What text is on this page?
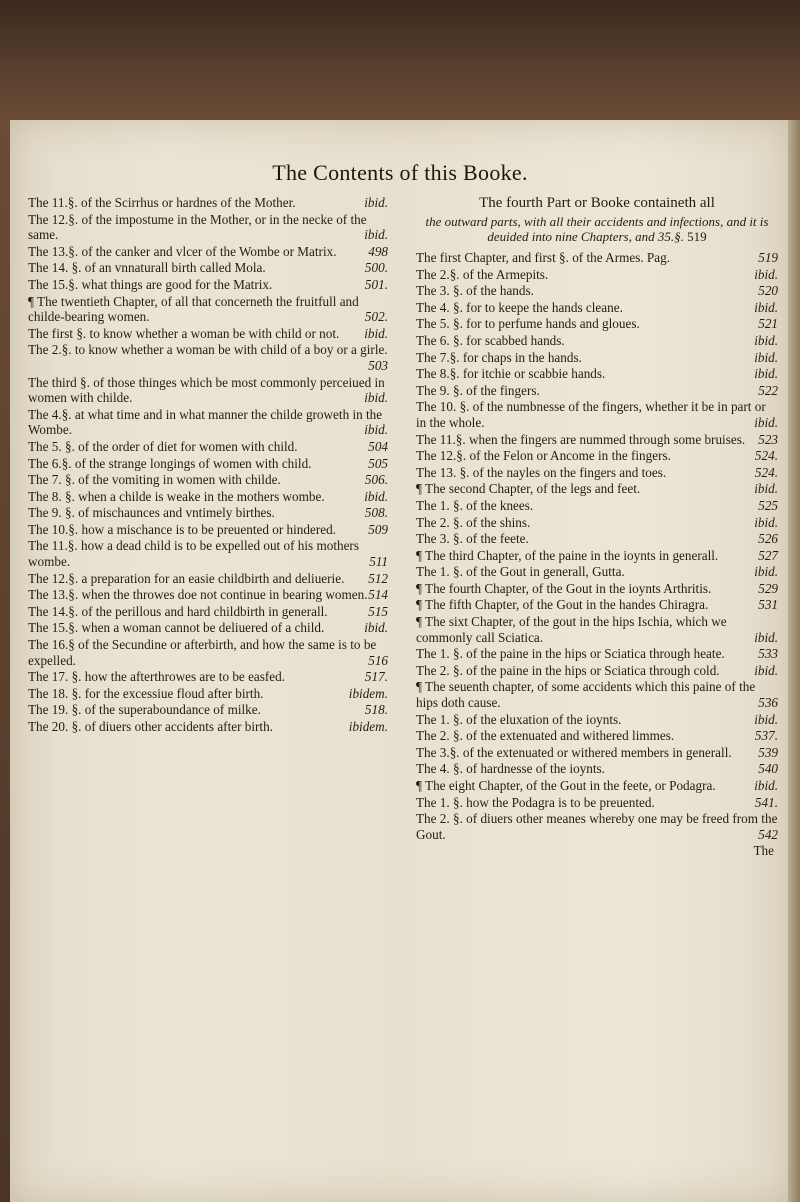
The Contents of this Booke.
The 11.§. of the Scirrhus or hardnes of the Mother.	ibid.
The 12.§. of the impostume in the Mother, or in the necke of the same.	ibid.
The 13.§. of the canker and vlcer of the Wombe or Matrix. 498
The 14. §. of an vnnaturall birth called Mola.	500.
The 15.§. what things are good for the Matrix.	501.
¶ The twentieth Chapter, of all that concerneth the fruitfull and childe-bearing women.	502.
The first §. to know whether a woman be with child or not. ibid.
The 2.§. to know whether a woman be with child of a boy or a girle.
503
The third §. of those thinges which be most commonly perceiued in women with childe.	ibid.
The 4.§. at what time and in what manner the childe groweth in the Wombe.	ibid.
The 5. §. of the order of diet for women with child.	504
The 6.§. of the strange longings of women with child.	505
The 7. §. of the vomiting in women with childe.	506.
The 8. §. when a childe is weake in the mothers wombe.	ibid.
The 9. §. of mischaunces and vntimely birthes.	508.
The 10.§. how a mischance is to be preuented or hindered. 509
The 11.§. how a dead child is to be expelled out of his mothers wombe.	511
The 12.§. a preparation for an easie childbirth and deliuerie. 512
The 13.§. when the throwes doe not continue in bearing women. 514
The 14.§. of the perillous and hard childbirth in generall.	515
The 15.§. when a woman cannot be deliuered of a child.	ibid.
The 16.§ of the Secundine or afterbirth, and how the same is to be expelled.	516
The 17. §. how the afterthrowes are to be easfed.	517.
The 18. §. for the excessiue floud after birth.	ibidem.
The 19. §. of the superaboundance of milke.	518.
The 20. §. of diuers other accidents after birth.	ibidem.
The fourth Part or Booke containeth all
the outward parts, with all their accidents and infections, and it is deuided into nine Chapters, and 35.§. 519
The first Chapter, and first §. of the Armes. Pag.	519
The 2.§. of the Armepits.	ibid.
The 3. §. of the hands.	520
The 4. §. for to keepe the hands cleane.	ibid.
The 5. §. for to perfume hands and gloues.	521
The 6. §. for scabbed hands.	ibid.
The 7.§. for chaps in the hands.	ibid.
The 8.§. for itchie or scabbie hands.	ibid.
The 9. §. of the fingers.	522
The 10. §. of the numbnesse of the fingers, whether it be in part or in the whole.	ibid.
The 11.§. when the fingers are nummed through some bruises. 523
The 12.§. of the Felon or Ancome in the fingers.	524.
The 13. §. of the nayles on the fingers and toes.	524.
¶ The second Chapter, of the legs and feet.	ibid.
The 1. §. of the knees.	525
The 2. §. of the shins.	ibid.
The 3. §. of the feete.	526
¶ The third Chapter, of the paine in the ioynts in generall.	527
The 1. §. of the Gout in generall, Gutta.	ibid.
¶ The fourth Chapter, of the Gout in the ioynts Arthritis.	529
¶ The fifth Chapter, of the Gout in the handes Chiragra.	531
¶ The sixt Chapter, of the gout in the hips Ischia, which we commonly call Sciatica.	ibid.
The 1. §. of the paine in the hips or Sciatica through heate.	533
The 2. §. of the paine in the hips or Sciatica through cold.	ibid.
¶ The seuenth chapter, of some accidents which this paine of the hips doth cause.	536
The 1. §. of the eluxation of the ioynts.	ibid.
The 2. §. of the extenuated and withered limmes.	537.
The 3.§. of the extenuated or withered members in generall. 539
The 4. §. of hardnesse of the ioynts.	540
¶ The eight Chapter, of the Gout in the feete, or Podagra.	ibid.
The 1. §. how the Podagra is to be preuented.	541.
The 2. §. of diuers other meanes whereby one may be freed from the Gout.	542
The
